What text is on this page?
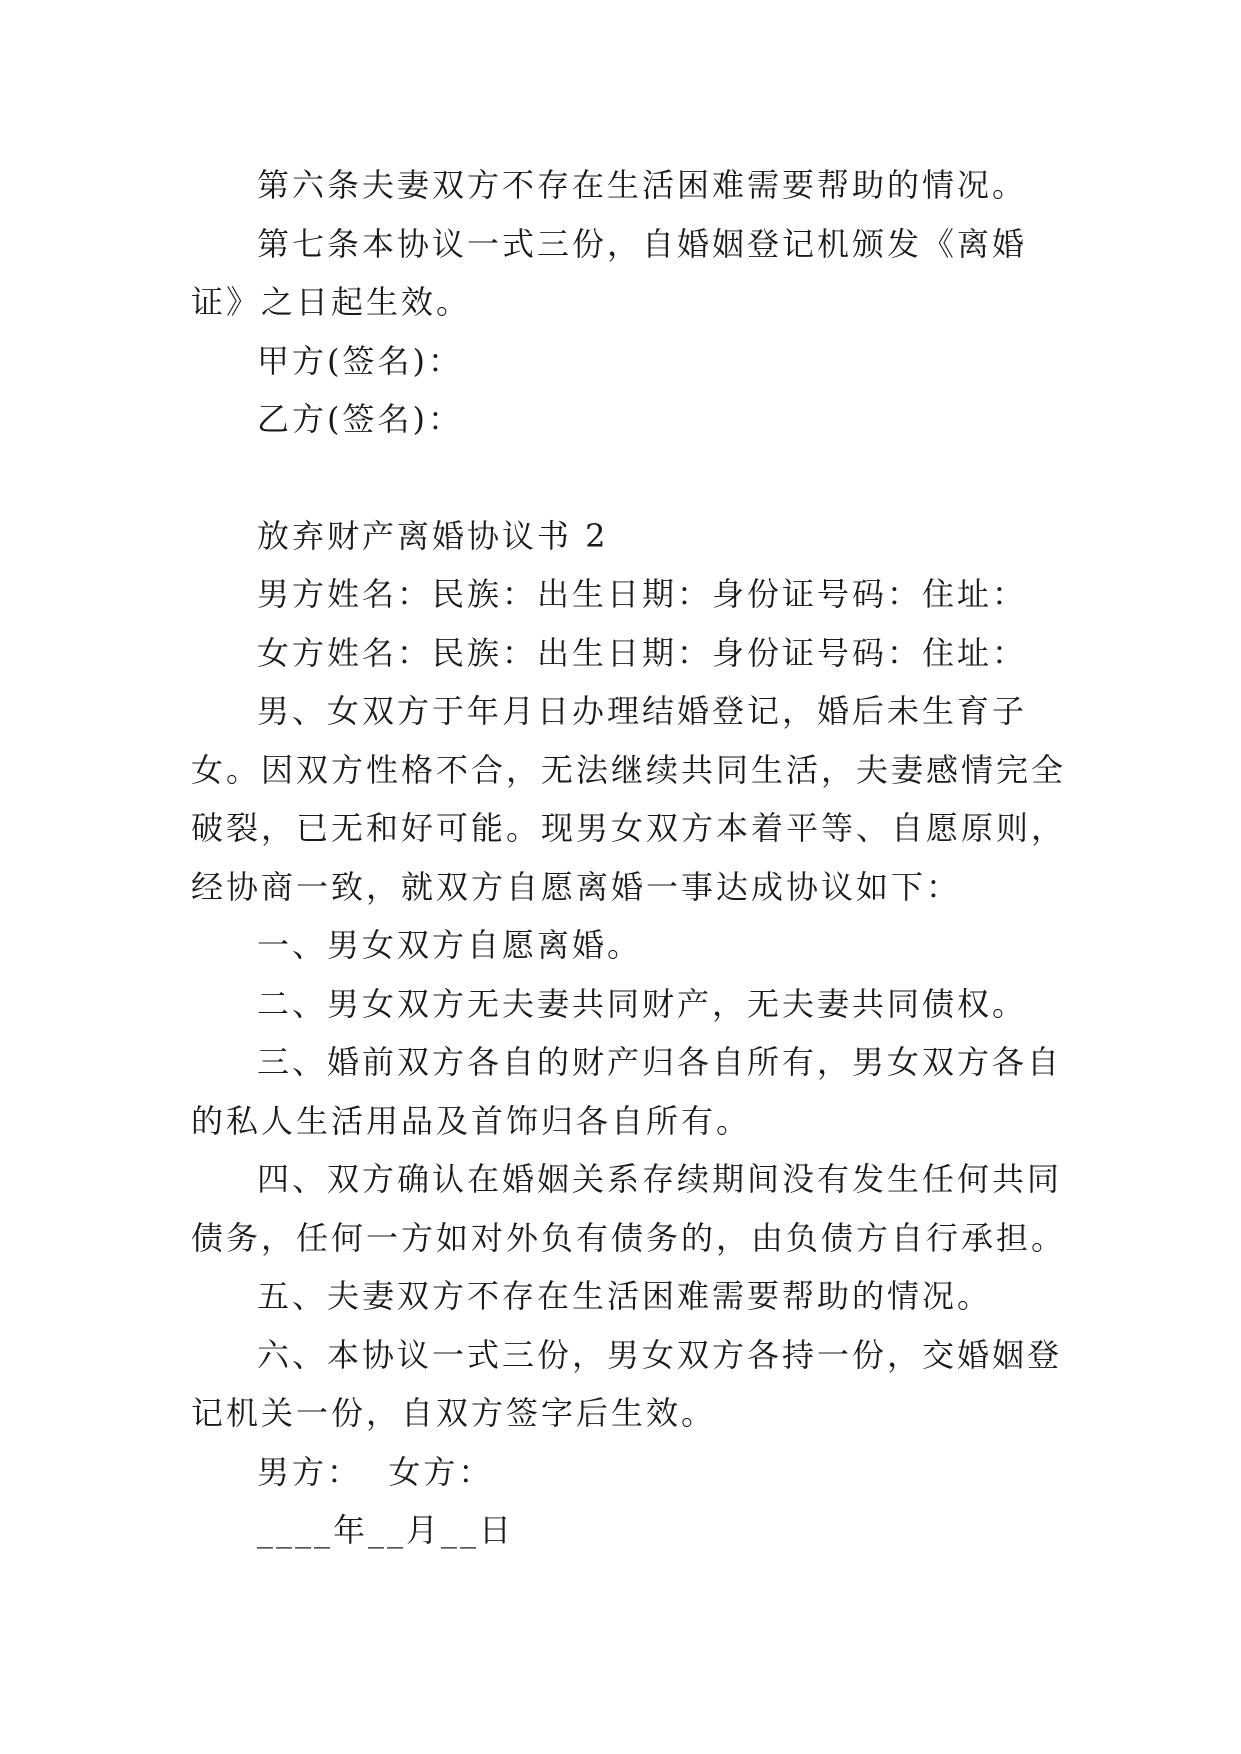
第六条夫妻双方不存在生活困难需要帮助的情况。

第七条本协议一式三份，自婚姻登记机颁发《离婚证》之日起生效。

甲方(签名)：

乙方(签名)：

放弃财产离婚协议书 2

男方姓名：民族：出生日期：身份证号码：住址：

女方姓名：民族：出生日期：身份证号码：住址：

男、女双方于年月日办理结婚登记，婚后未生育子女。因双方性格不合，无法继续共同生活，夫妻感情完全破裂，已无和好可能。现男女双方本着平等、自愿原则，经协商一致，就双方自愿离婚一事达成协议如下：

一、男女双方自愿离婚。

二、男女双方无夫妻共同财产，无夫妻共同债权。

三、婚前双方各自的财产归各自所有，男女双方各自的私人生活用品及首饰归各自所有。

四、双方确认在婚姻关系存续期间没有发生任何共同债务，任何一方如对外负有债务的，由负债方自行承担。

五、夫妻双方不存在生活困难需要帮助的情况。

六、本协议一式三份，男女双方各持一份，交婚姻登记机关一份，自双方签字后生效。

男方：  女方：

____年__月__日
